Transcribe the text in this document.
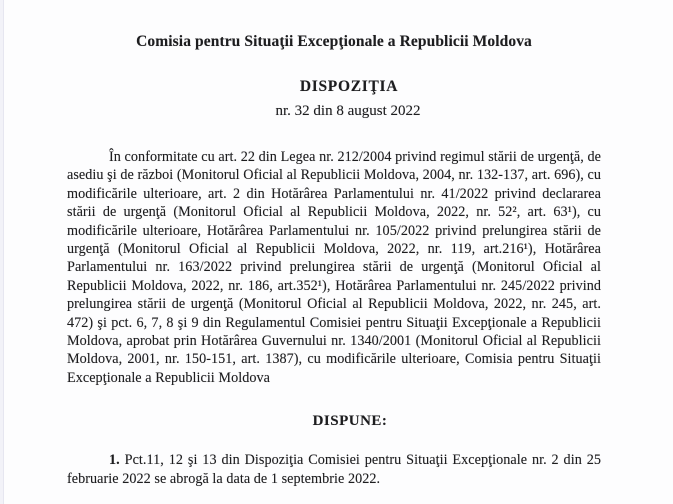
Comisia pentru Situaţii Excepţionale a Republicii Moldova
DISPOZIŢIA
nr. 32 din 8 august 2022

În conformitate cu art. 22 din Legea nr. 212/2004 privind regimul stării de urgenţă, de asediu şi de război (Monitorul Oficial al Republicii Moldova, 2004, nr. 132-137, art. 696), cu modificările ulterioare, art. 2 din Hotărârea Parlamentului nr. 41/2022 privind declararea stării de urgenţă (Monitorul Oficial al Republicii Moldova, 2022, nr. 52², art. 63¹), cu modificările ulterioare, Hotărârea Parlamentului nr. 105/2022 privind prelungirea stării de urgenţă (Monitorul Oficial al Republicii Moldova, 2022, nr. 119, art.216¹), Hotărârea Parlamentului nr. 163/2022 privind prelungirea stării de urgenţă (Monitorul Oficial al Republicii Moldova, 2022, nr. 186, art.352¹), Hotărârea Parlamentului nr. 245/2022 privind prelungirea stării de urgenţă (Monitorul Oficial al Republicii Moldova, 2022, nr. 245, art. 472) şi pct. 6, 7, 8 şi 9 din Regulamentul Comisiei pentru Situaţii Excepţionale a Republicii Moldova, aprobat prin Hotărârea Guvernului nr. 1340/2001 (Monitorul Oficial al Republicii Moldova, 2001, nr. 150-151, art. 1387), cu modificările ulterioare, Comisia pentru Situaţii Excepţionale a Republicii Moldova

DISPUNE:

1. Pct.11, 12 şi 13 din Dispoziţia Comisiei pentru Situaţii Excepţionale nr. 2 din 25 februarie 2022 se abrogă la data de 1 septembrie 2022.
